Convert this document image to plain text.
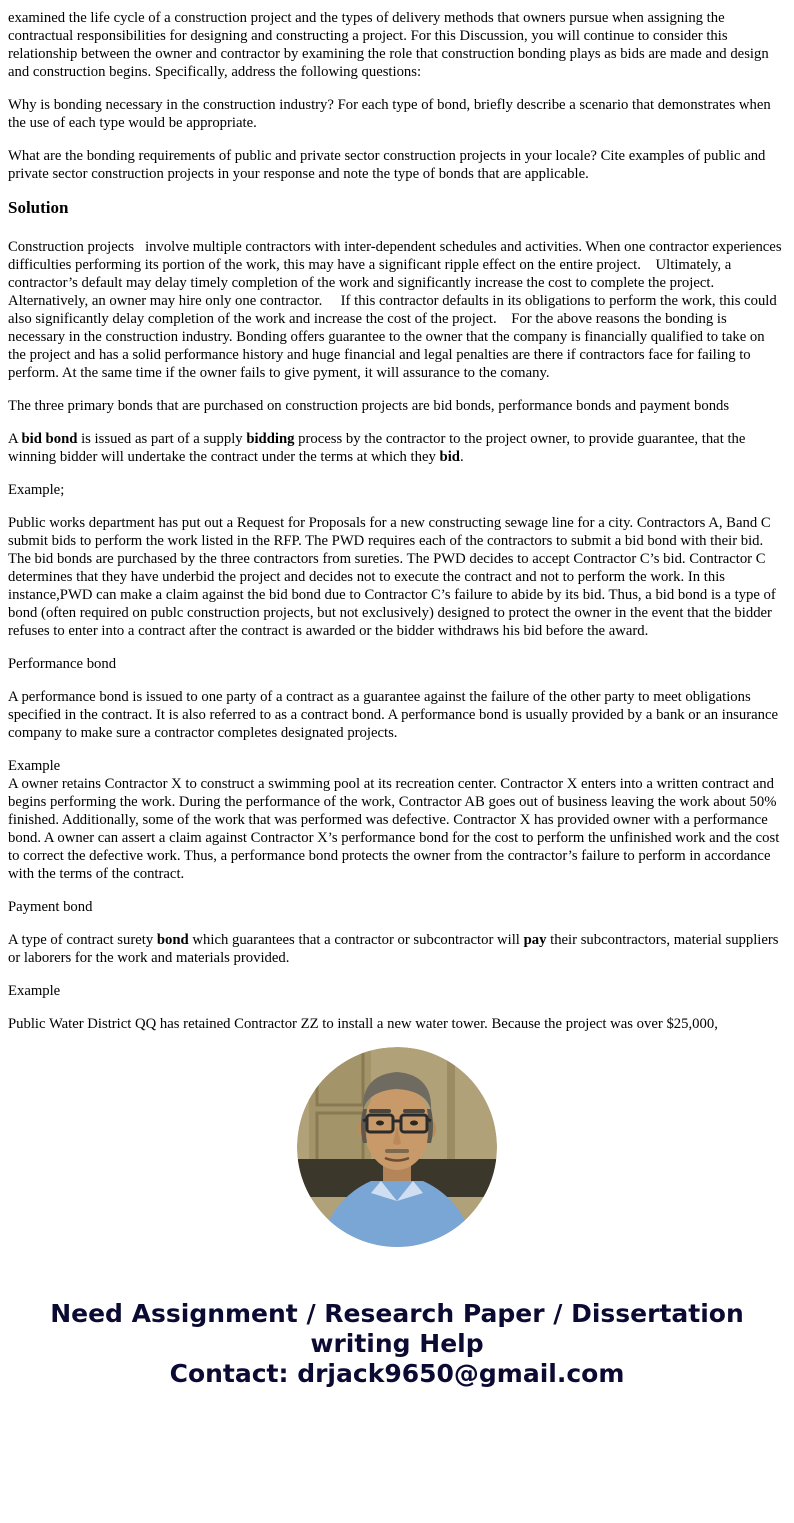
examined the life cycle of a construction project and the types of delivery methods that owners pursue when assigning the contractual responsibilities for designing and constructing a project. For this Discussion, you will continue to consider this relationship between the owner and contractor by examining the role that construction bonding plays as bids are made and design and construction begins. Specifically, address the following questions:

Why is bonding necessary in the construction industry? For each type of bond, briefly describe a scenario that demonstrates when the use of each type would be appropriate.

What are the bonding requirements of public and private sector construction projects in your locale? Cite examples of public and private sector construction projects in your response and note the type of bonds that are applicable.

Solution

Construction projects   involve multiple contractors with inter-dependent schedules and activities. When one contractor experiences difficulties performing its portion of the work, this may have a significant ripple effect on the entire project.    Ultimately, a contractor’s default may delay timely completion of the work and significantly increase the cost to complete the project.

Alternatively, an owner may hire only one contractor.     If this contractor defaults in its obligations to perform the work, this could also significantly delay completion of the work and increase the cost of the project.    For the above reasons the bonding is necessary in the construction industry. Bonding offers guarantee to the owner that the company is financially qualified to take on the project and has a solid performance history and huge financial and legal penalties are there if contractors face for failing to perform. At the same time if the owner fails to give pyment, it will assurance to the comany.

The three primary bonds that are purchased on construction projects are bid bonds, performance bonds and payment bonds

A bid bond is issued as part of a supply bidding process by the contractor to the project owner, to provide guarantee, that the winning bidder will undertake the contract under the terms at which they bid.

Example;

Public works department has put out a Request for Proposals for a new constructing sewage line for a city. Contractors A, Band C submit bids to perform the work listed in the RFP. The PWD requires each of the contractors to submit a bid bond with their bid. The bid bonds are purchased by the three contractors from sureties. The PWD decides to accept Contractor C’s bid. Contractor C determines that they have underbid the project and decides not to execute the contract and not to perform the work. In this instance,PWD can make a claim against the bid bond due to Contractor C’s failure to abide by its bid. Thus, a bid bond is a type of bond (often required on publc construction projects, but not exclusively) designed to protect the owner in the event that the bidder refuses to enter into a contract after the contract is awarded or the bidder withdraws his bid before the award.

Performance bond

A performance bond is issued to one party of a contract as a guarantee against the failure of the other party to meet obligations specified in the contract. It is also referred to as a contract bond. A performance bond is usually provided by a bank or an insurance company to make sure a contractor completes designated projects.

Example

A owner retains Contractor X to construct a swimming pool at its recreation center. Contractor X enters into a written contract and begins performing the work. During the performance of the work, Contractor AB goes out of business leaving the work about 50% finished. Additionally, some of the work that was performed was defective. Contractor X has provided owner with a performance bond. A owner can assert a claim against Contractor X’s performance bond for the cost to perform the unfinished work and the cost to correct the defective work. Thus, a performance bond protects the owner from the contractor’s failure to perform in accordance with the terms of the contract.

Payment bond

A type of contract surety bond which guarantees that a contractor or subcontractor will pay their subcontractors, material suppliers or laborers for the work and materials provided.

Example

Public Water District QQ has retained Contractor ZZ to install a new water tower. Because the project was over $25,000,

Need Assignment / Research Paper / Dissertation writing Help
Contact: drjack9650@gmail.com
